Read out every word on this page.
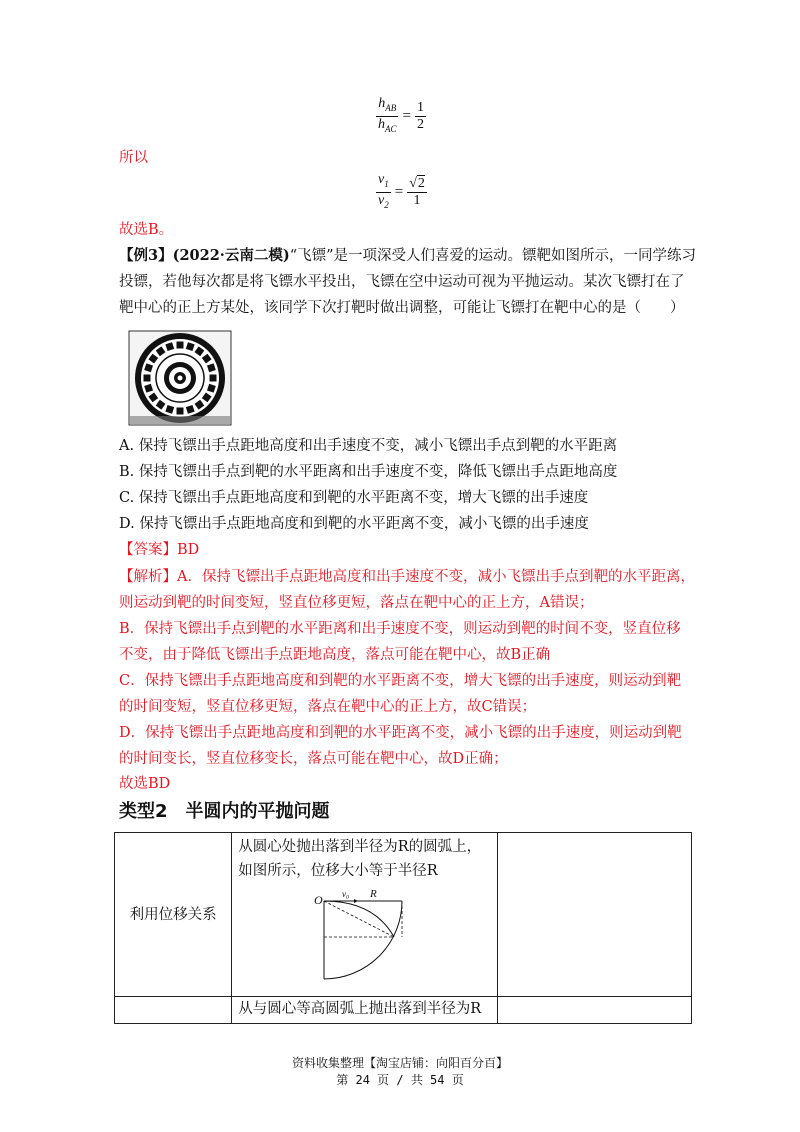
$h_{AB}$
$h_{AC}$
= $\frac{1}{2}$
所以
$\frac{v_1}{v_2} = \frac{√2}{1}$
故选B。
【例3】(2022·云南二模)“飞镖”是一项深受人们喜爱的运动。镖靶如图所示，一同学练习
投镖，若他每次都是将飞镖水平投出，飞镖在空中运动可视为平抛运动。某次飞镖打在了
靶中心的正上方某处，该同学下次打靶时做出调整，可能让飞镖打在靶中心的是（　　）
A. 保持飞镖出手点距地高度和出手速度不变，减小飞镖出手点到靶的水平距离
B. 保持飞镖出手点到靶的水平距离和出手速度不变，降低飞镖出手点距地高度
C. 保持飞镖出手点距地高度和到靶的水平距离不变，增大飞镖的出手速度
D. 保持飞镖出手点距地高度和到靶的水平距离不变，减小飞镖的出手速度
【答案】BD
【解析】A．保持飞镖出手点距地高度和出手速度不变，减小飞镖出手点到靶的水平距离，
则运动到靶的时间变短，竖直位移更短，落点在靶中心的正上方，A错误；
B．保持飞镖出手点到靶的水平距离和出手速度不变，则运动到靶的时间不变，竖直位移
不变，由于降低飞镖出手点距地高度，落点可能在靶中心，故B正确
C．保持飞镖出手点距地高度和到靶的水平距离不变，增大飞镖的出手速度，则运动到靶
的时间变短，竖直位移更短，落点在靶中心的正上方，故C错误；
D．保持飞镖出手点距地高度和到靶的水平距离不变，减小飞镖的出手速度，则运动到靶
的时间变长，竖直位移变长，落点可能在靶中心，故D正确；
故选BD
类型2　半圆内的平抛问题
利用位移关系	从圆心处抛出落到半径为R的圆弧上，
如图所示，位移大小等于半径R
O v₀ R	

	从与圆心等高圆弧上抛出落到半径为R	
资料收集整理【淘宝店铺：向阳百分百】
第 24 页 / 共 54 页
